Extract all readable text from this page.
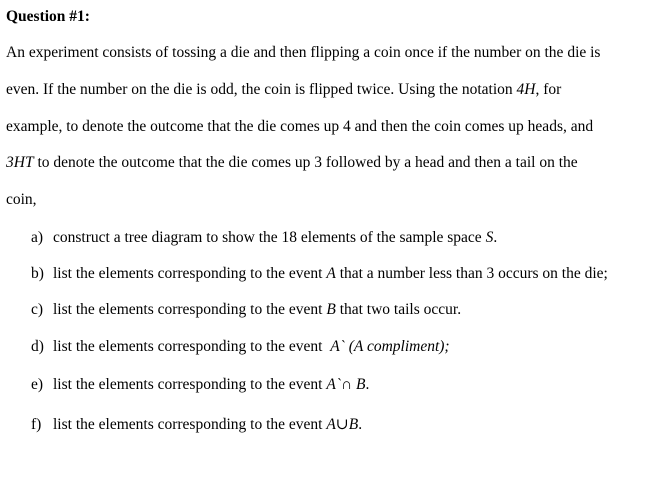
Question #1:
An experiment consists of tossing a die and then flipping a coin once if the number on the die is
even. If the number on the die is odd, the coin is flipped twice. Using the notation 4H, for
example, to denote the outcome that the die comes up 4 and then the coin comes up heads, and
3HT to denote the outcome that the die comes up 3 followed by a head and then a tail on the
coin,
a) construct a tree diagram to show the 18 elements of the sample space S.
b) list the elements corresponding to the event A that a number less than 3 occurs on the die;
c) list the elements corresponding to the event B that two tails occur.
d) list the elements corresponding to the event  A` (A compliment);
e) list the elements corresponding to the event A`∩ B.
f) list the elements corresponding to the event A∪B.
